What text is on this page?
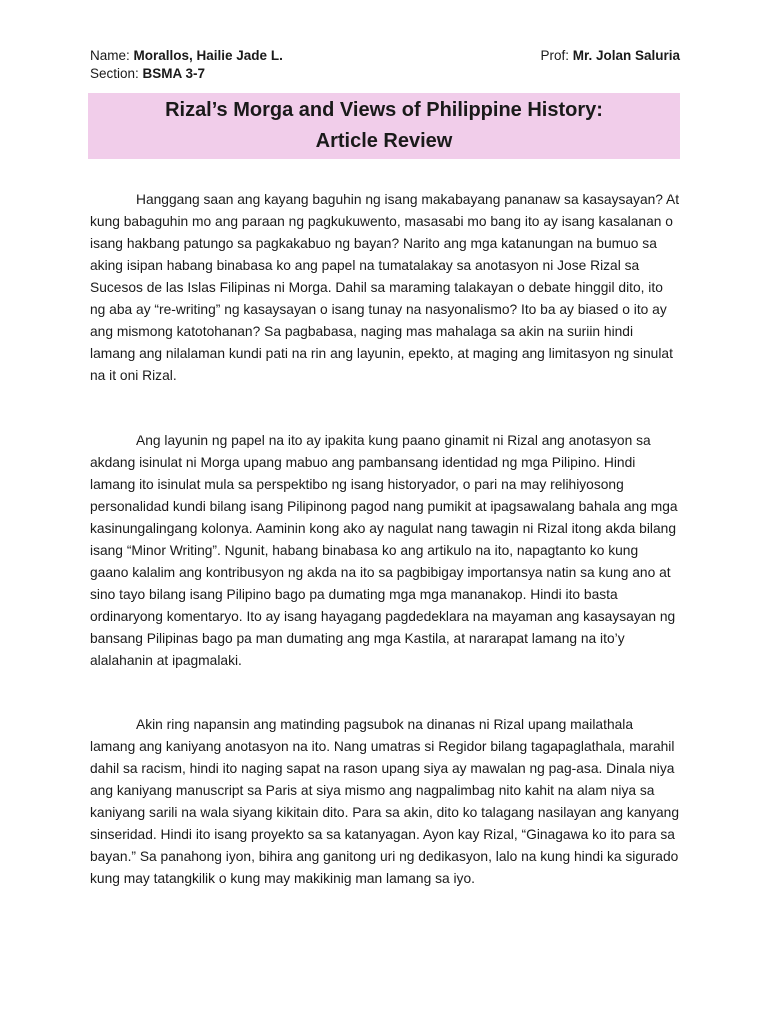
Name: Morallos, Hailie Jade L.	Prof: Mr. Jolan Saluria
Section: BSMA 3-7
Rizal’s Morga and Views of Philippine History:
Article Review

Hanggang saan ang kayang baguhin ng isang makabayang pananaw sa kasaysayan? At kung babaguhin mo ang paraan ng pagkukuwento, masasabi mo bang ito ay isang kasalanan o isang hakbang patungo sa pagkakabuo ng bayan? Narito ang mga katanungan na bumuo sa aking isipan habang binabasa ko ang papel na tumatalakay sa anotasyon ni Jose Rizal sa Sucesos de las Islas Filipinas ni Morga. Dahil sa maraming talakayan o debate hinggil dito, ito ng aba ay “re-writing” ng kasaysayan o isang tunay na nasyonalismo? Ito ba ay biased o ito ay ang mismong katotohanan? Sa pagbabasa, naging mas mahalaga sa akin na suriin hindi lamang ang nilalaman kundi pati na rin ang layunin, epekto, at maging ang limitasyon ng sinulat na it oni Rizal.

Ang layunin ng papel na ito ay ipakita kung paano ginamit ni Rizal ang anotasyon sa akdang isinulat ni Morga upang mabuo ang pambansang identidad ng mga Pilipino. Hindi lamang ito isinulat mula sa perspektibo ng isang historyador, o pari na may relihiyosong personalidad kundi bilang isang Pilipinong pagod nang pumikit at ipagsawalang bahala ang mga kasinungalingang kolonya. Aaminin kong ako ay nagulat nang tawagin ni Rizal itong akda bilang isang “Minor Writing”. Ngunit, habang binabasa ko ang artikulo na ito, napagtanto ko kung gaano kalalim ang kontribusyon ng akda na ito sa pagbibigay importansya natin sa kung ano at sino tayo bilang isang Pilipino bago pa dumating mga mga mananakop. Hindi ito basta ordinaryong komentaryo. Ito ay isang hayagang pagdedeklara na mayaman ang kasaysayan ng bansang Pilipinas bago pa man dumating ang mga Kastila, at nararapat lamang na ito’y alalahanin at ipagmalaki.

Akin ring napansin ang matinding pagsubok na dinanas ni Rizal upang mailathala lamang ang kaniyang anotasyon na ito. Nang umatras si Regidor bilang tagapaglathala, marahil dahil sa racism, hindi ito naging sapat na rason upang siya ay mawalan ng pag-asa. Dinala niya ang kaniyang manuscript sa Paris at siya mismo ang nagpalimbag nito kahit na alam niya sa kaniyang sarili na wala siyang kikitain dito. Para sa akin, dito ko talagang nasilayan ang kanyang sinseridad. Hindi ito isang proyekto sa sa katanyagan. Ayon kay Rizal, “Ginagawa ko ito para sa bayan.” Sa panahong iyon, bihira ang ganitong uri ng dedikasyon, lalo na kung hindi ka sigurado kung may tatangkilik o kung may makikinig man lamang sa iyo.
